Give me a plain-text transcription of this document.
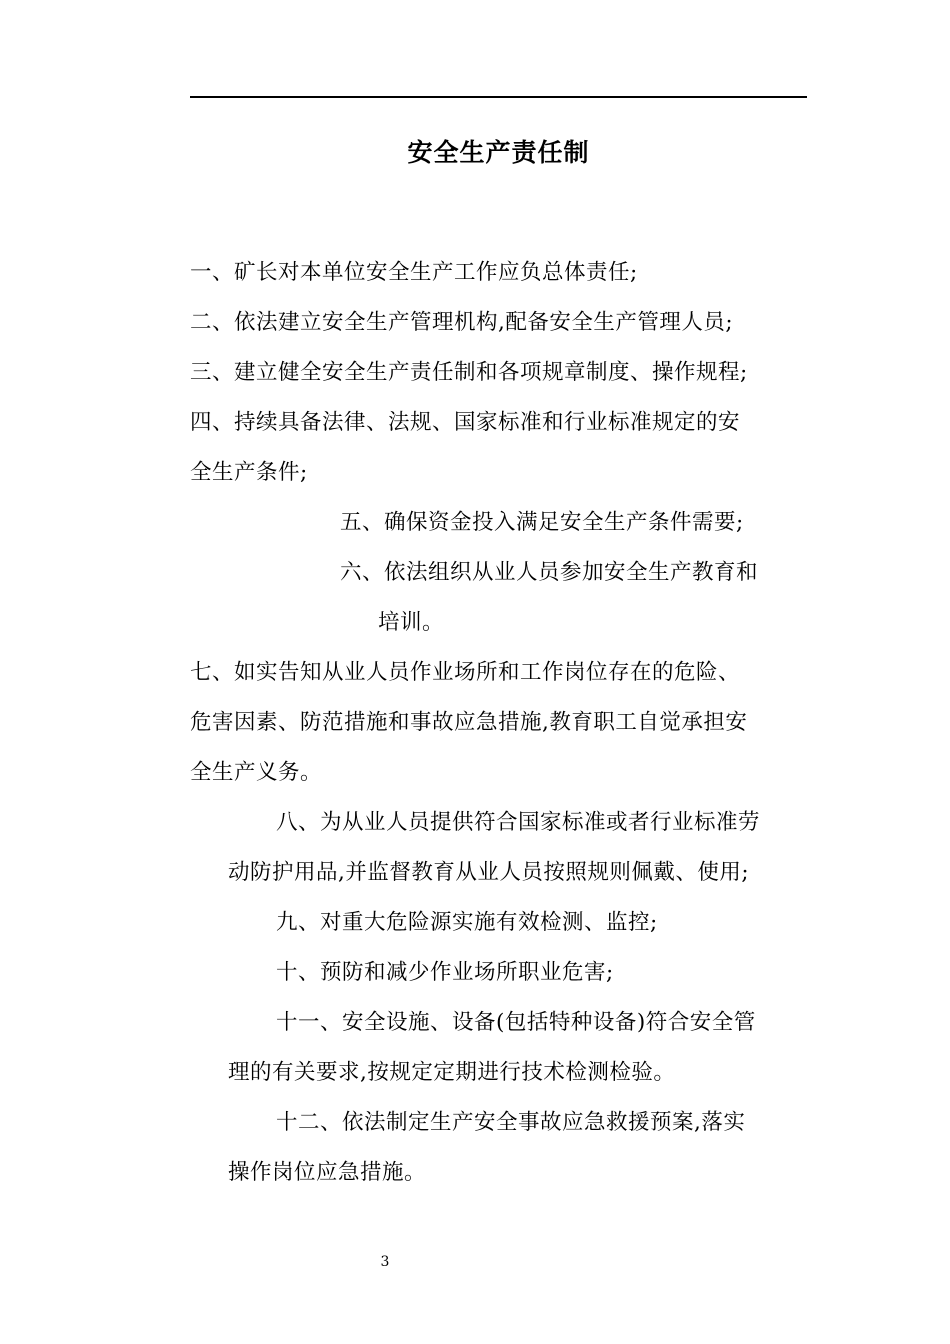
安全生产责任制
一、矿长对本单位安全生产工作应负总体责任;
二、依法建立安全生产管理机构,配备安全生产管理人员;
三、建立健全安全生产责任制和各项规章制度、操作规程;
四、持续具备法律、法规、国家标准和行业标准规定的安
全生产条件;
五、确保资金投入满足安全生产条件需要;
六、依法组织从业人员参加安全生产教育和
培训。
七、如实告知从业人员作业场所和工作岗位存在的危险、
危害因素、防范措施和事故应急措施,教育职工自觉承担安
全生产义务。
八、为从业人员提供符合国家标准或者行业标准劳
动防护用品,并监督教育从业人员按照规则佩戴、使用;
九、对重大危险源实施有效检测、监控;
十、预防和减少作业场所职业危害;
十一、安全设施、设备(包括特种设备)符合安全管
理的有关要求,按规定定期进行技术检测检验。
十二、依法制定生产安全事故应急救援预案,落实
操作岗位应急措施。
3
